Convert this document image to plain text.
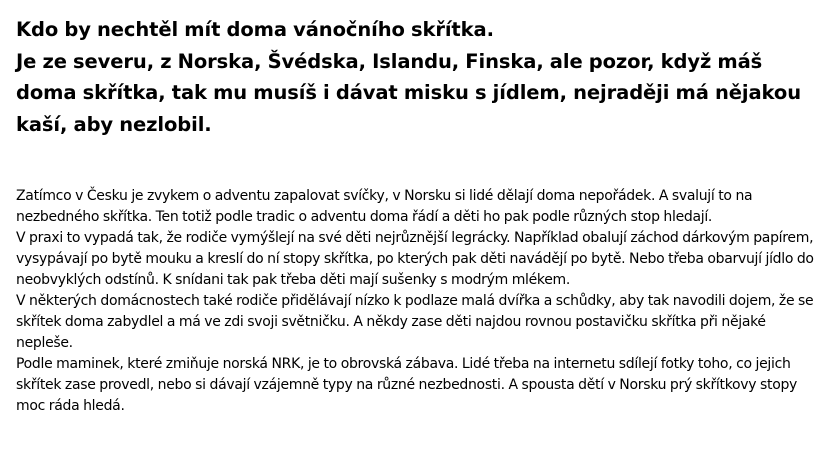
Kdo by nechtěl mít doma vánočního skřítka.
Je ze severu, z Norska, Švédska, Islandu, Finska, ale pozor, když máš doma skřítka, tak mu musíš i dávat misku s jídlem, nejraději má nějakou kaší, aby nezlobil.

Zatímco v Česku je zvykem o adventu zapalovat svíčky, v Norsku si lidé dělají doma nepořádek. A svalují to na nezbedného skřítka. Ten totiž podle tradic o adventu doma řádí a děti ho pak podle různých stop hledají.

V praxi to vypadá tak, že rodiče vymýšlejí na své děti nejrůznější legrácky. Například obalují záchod dárkovým papírem, vysypávají po bytě mouku a kreslí do ní stopy skřítka, po kterých pak děti navádějí po bytě. Nebo třeba obarvují jídlo do neobvyklých odstínů. K snídani tak pak třeba děti mají sušenky s modrým mlékem.

V některých domácnostech také rodiče přidělávají nízko k podlaze malá dvířka a schůdky, aby tak navodili dojem, že se skřítek doma zabydlel a má ve zdi svoji světničku. A někdy zase děti najdou rovnou postavičku skřítka při nějaké nepleše.

Podle maminek, které zmiňuje norská NRK, je to obrovská zábava. Lidé třeba na internetu sdílejí fotky toho, co jejich skřítek zase provedl, nebo si dávají vzájemně typy na různé nezbednosti. A spousta dětí v Norsku prý skřítkovy stopy moc ráda hledá.
